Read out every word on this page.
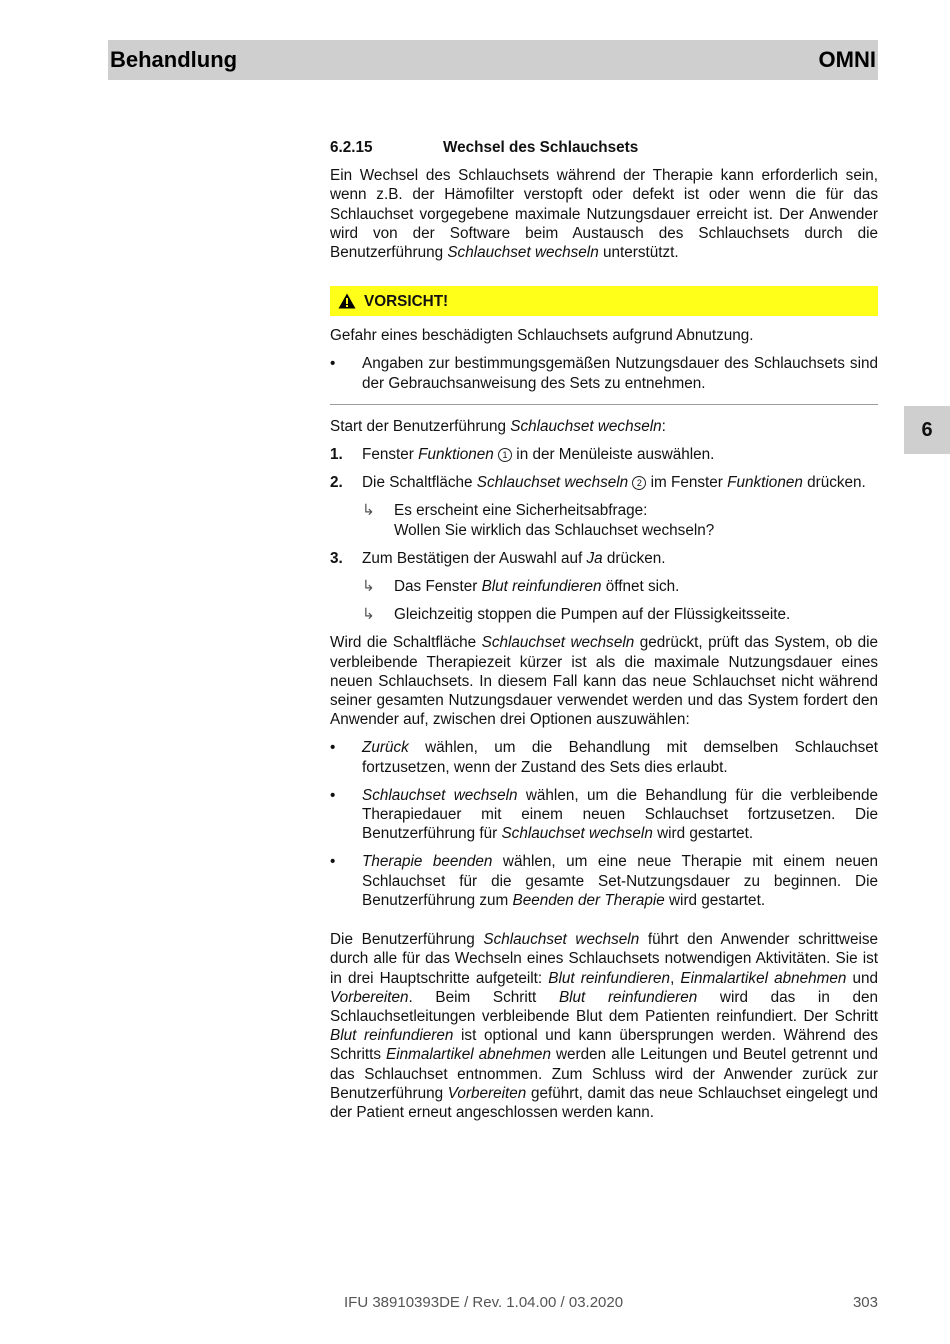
Behandlung	OMNI
6
6.2.15	Wechsel des Schlauchsets

Ein Wechsel des Schlauchsets während der Therapie kann erforderlich sein, wenn z.B. der Hämofilter verstopft oder defekt ist oder wenn die für das Schlauchset vorgegebene maximale Nutzungsdauer erreicht ist. Der Anwender wird von der Software beim Austausch des Schlauchsets durch die Benutzerführung Schlauchset wechseln unterstützt.

VORSICHT!

Gefahr eines beschädigten Schlauchsets aufgrund Abnutzung.

•	Angaben zur bestimmungsgemäßen Nutzungsdauer des Schlauchsets sind der Gebrauchsanweisung des Sets zu entnehmen.

Start der Benutzerführung Schlauchset wechseln:

1.	Fenster Funktionen 1 in der Menüleiste auswählen.
2.	Die Schaltfläche Schlauchset wechseln 2 im Fenster Funktionen drücken.
↳	Es erscheint eine Sicherheitsabfrage:
Wollen Sie wirklich das Schlauchset wechseln?
3.	Zum Bestätigen der Auswahl auf Ja drücken.
↳	Das Fenster Blut reinfundieren öffnet sich.
↳	Gleichzeitig stoppen die Pumpen auf der Flüssigkeitsseite.

Wird die Schaltfläche Schlauchset wechseln gedrückt, prüft das System, ob die verbleibende Therapiezeit kürzer ist als die maximale Nutzungsdauer eines neuen Schlauchsets. In diesem Fall kann das neue Schlauchset nicht während seiner gesamten Nutzungsdauer verwendet werden und das System fordert den Anwender auf, zwischen drei Optionen auszuwählen:

•	Zurück wählen, um die Behandlung mit demselben Schlauchset fortzusetzen, wenn der Zustand des Sets dies erlaubt.
•	Schlauchset wechseln wählen, um die Behandlung für die verbleibende Therapiedauer mit einem neuen Schlauchset fortzusetzen. Die Benutzerführung für Schlauchset wechseln wird gestartet.
•	Therapie beenden wählen, um eine neue Therapie mit einem neuen Schlauchset für die gesamte Set-Nutzungsdauer zu beginnen. Die Benutzerführung zum Beenden der Therapie wird gestartet.

Die Benutzerführung Schlauchset wechseln führt den Anwender schrittweise durch alle für das Wechseln eines Schlauchsets notwendigen Aktivitäten. Sie ist in drei Hauptschritte aufgeteilt: Blut reinfundieren, Einmalartikel abnehmen und Vorbereiten. Beim Schritt Blut reinfundieren wird das in den Schlauchsetleitungen verbleibende Blut dem Patienten reinfundiert. Der Schritt Blut reinfundieren ist optional und kann übersprungen werden. Während des Schritts Einmalartikel abnehmen werden alle Leitungen und Beutel getrennt und das Schlauchset entnommen. Zum Schluss wird der Anwender zurück zur Benutzerführung Vorbereiten geführt, damit das neue Schlauchset eingelegt und der Patient erneut angeschlossen werden kann.

IFU 38910393DE / Rev. 1.04.00 / 03.2020	303
